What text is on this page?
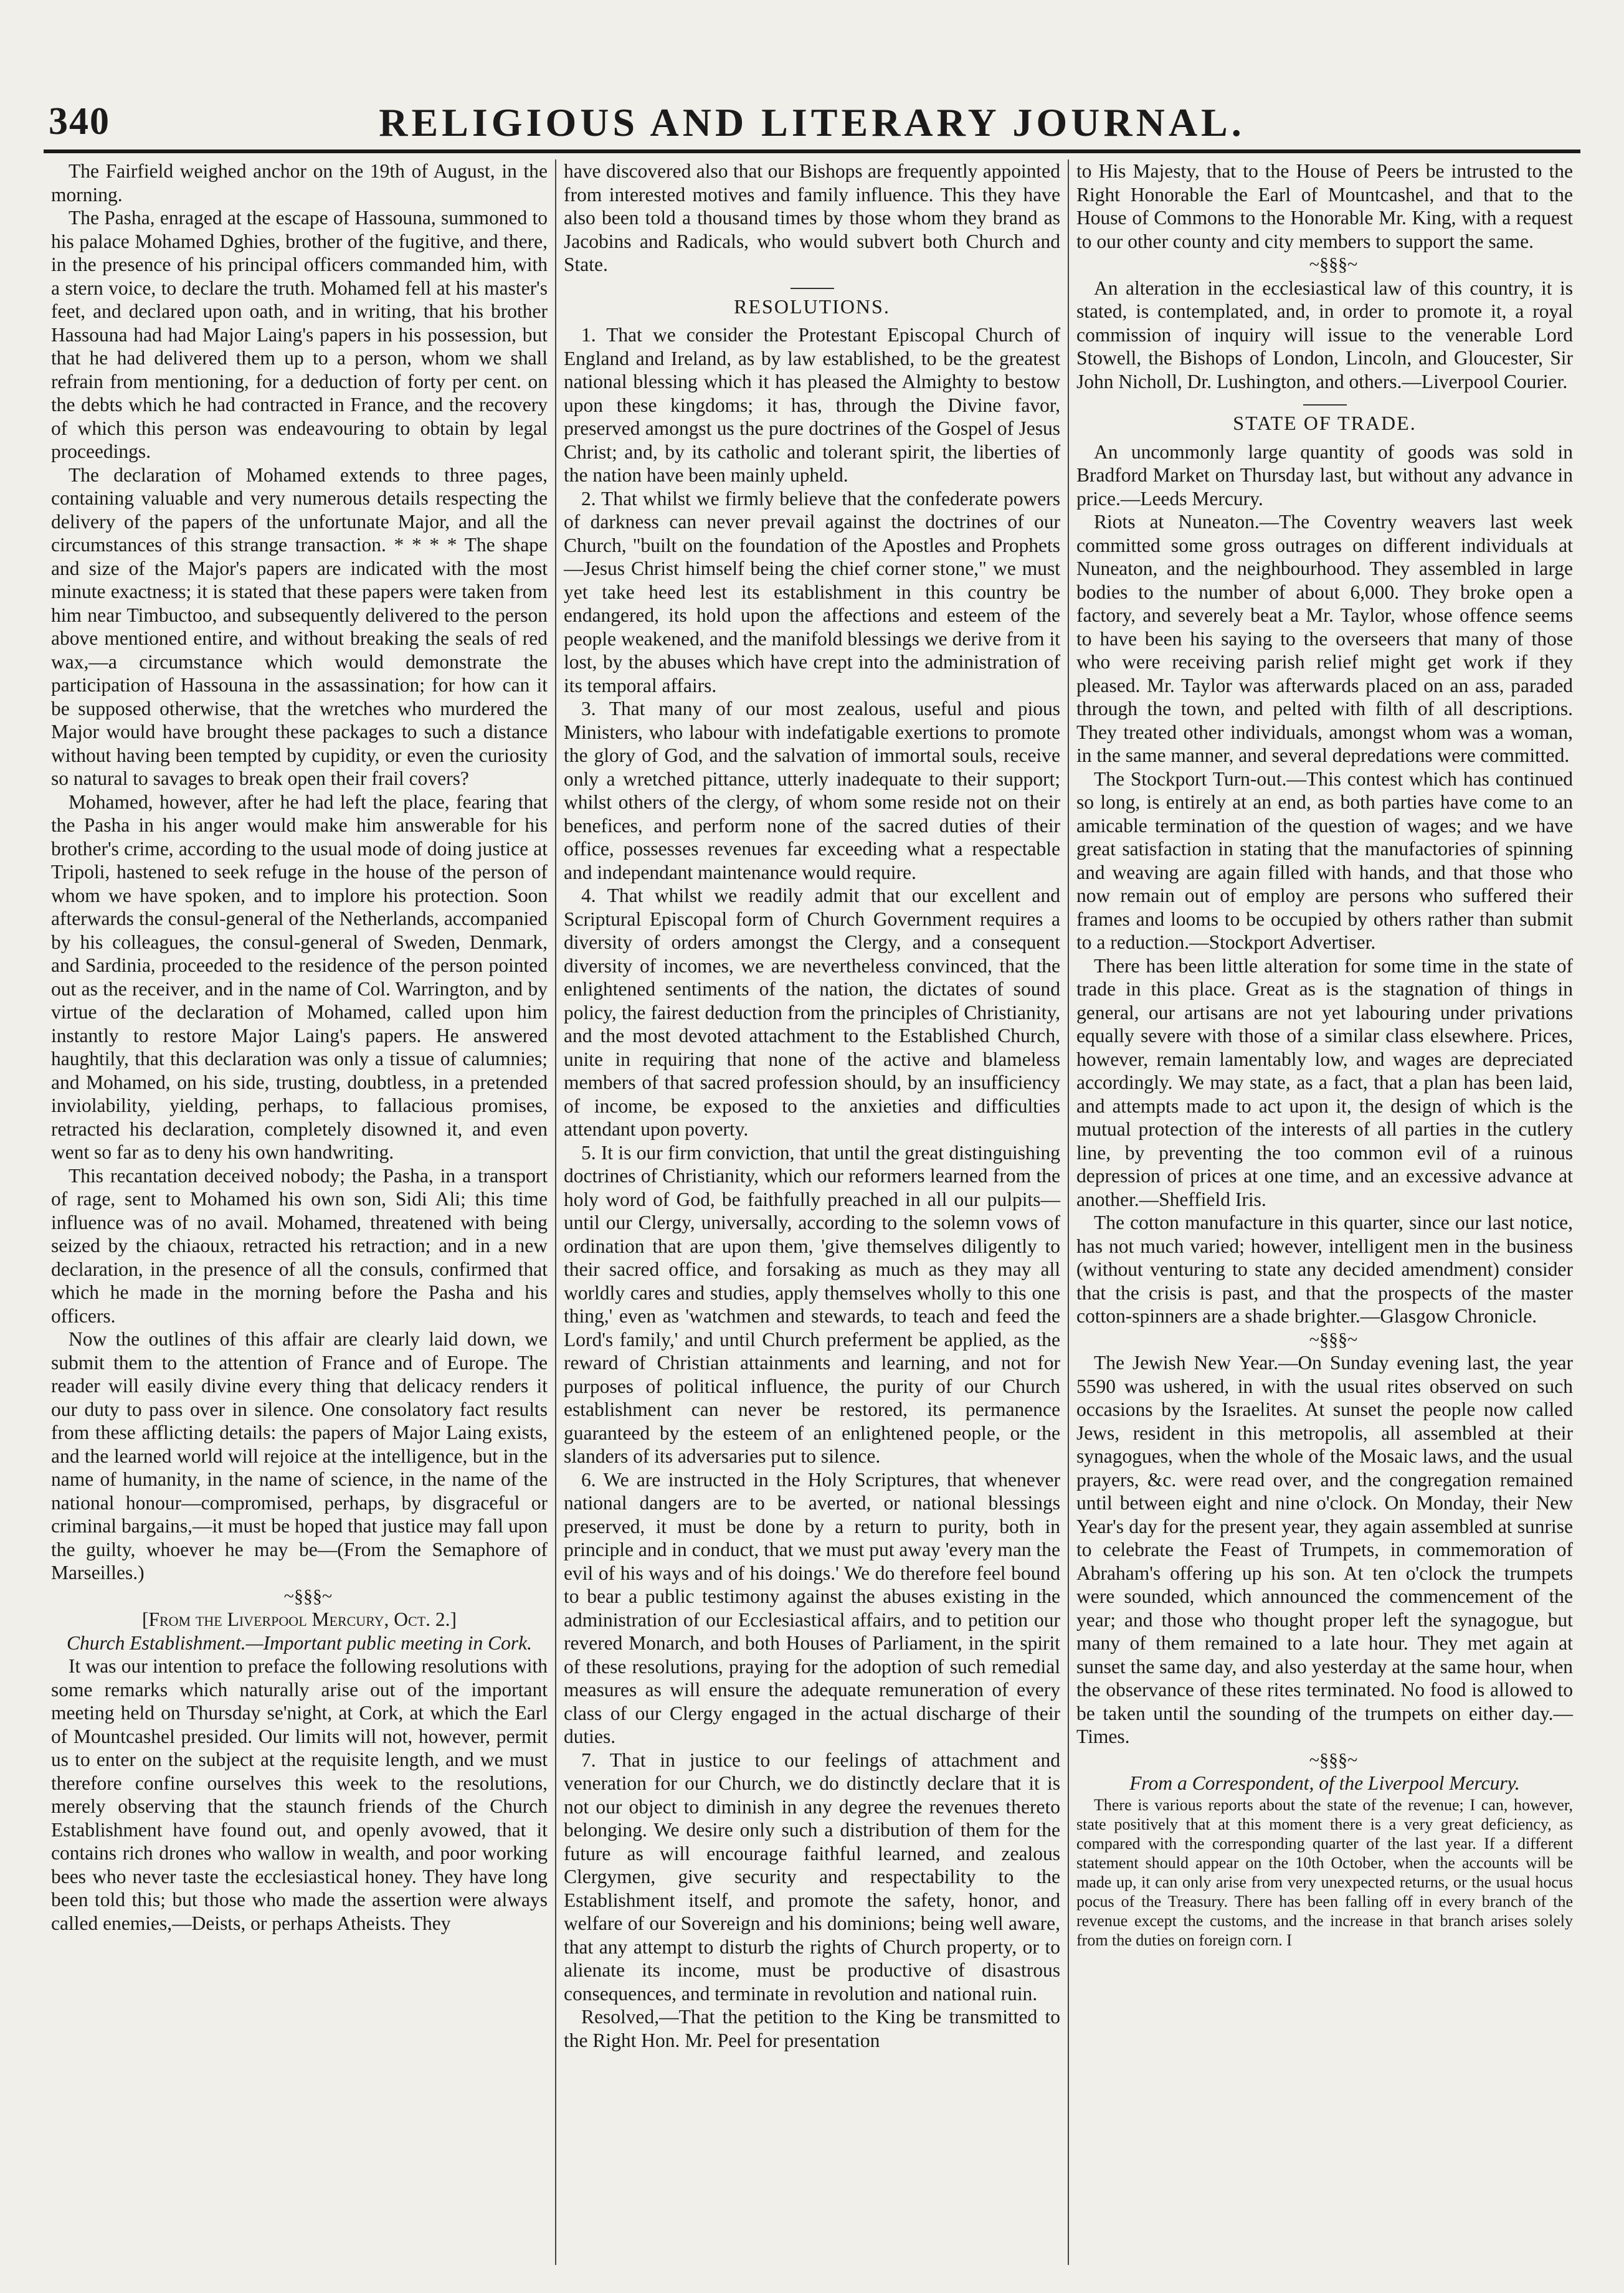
340	RELIGIOUS AND LITERARY JOURNAL.

The Fairfield weighed anchor on the 19th of August, in the morning.

The Pasha, enraged at the escape of Hassouna, summoned to his palace Mohamed Dghies, brother of the fugitive, and there, in the presence of his principal officers commanded him, with a stern voice, to declare the truth. Mohamed fell at his master's feet, and declared upon oath, and in writing, that his brother Hassouna had had Major Laing's papers in his possession, but that he had delivered them up to a person, whom we shall refrain from mentioning, for a deduction of forty per cent. on the debts which he had contracted in France, and the recovery of which this person was endeavouring to obtain by legal proceedings.

The declaration of Mohamed extends to three pages, containing valuable and very numerous details respecting the delivery of the papers of the unfortunate Major, and all the circumstances of this strange transaction. * * * * The shape and size of the Major's papers are indicated with the most minute exactness; it is stated that these papers were taken from him near Timbuctoo, and subsequently delivered to the person above mentioned entire, and without breaking the seals of red wax,—a circumstance which would demonstrate the participation of Hassouna in the assassination; for how can it be supposed otherwise, that the wretches who murdered the Major would have brought these packages to such a distance without having been tempted by cupidity, or even the curiosity so natural to savages to break open their frail covers?

Mohamed, however, after he had left the place, fearing that the Pasha in his anger would make him answerable for his brother's crime, according to the usual mode of doing justice at Tripoli, hastened to seek refuge in the house of the person of whom we have spoken, and to implore his protection. Soon afterwards the consul-general of the Netherlands, accompanied by his colleagues, the consul-general of Sweden, Denmark, and Sardinia, proceeded to the residence of the person pointed out as the receiver, and in the name of Col. Warrington, and by virtue of the declaration of Mohamed, called upon him instantly to restore Major Laing's papers. He answered haughtily, that this declaration was only a tissue of calumnies; and Mohamed, on his side, trusting, doubtless, in a pretended inviolability, yielding, perhaps, to fallacious promises, retracted his declaration, completely disowned it, and even went so far as to deny his own handwriting.

This recantation deceived nobody; the Pasha, in a transport of rage, sent to Mohamed his own son, Sidi Ali; this time influence was of no avail. Mohamed, threatened with being seized by the chiaoux, retracted his retraction; and in a new declaration, in the presence of all the consuls, confirmed that which he made in the morning before the Pasha and his officers.

Now the outlines of this affair are clearly laid down, we submit them to the attention of France and of Europe. The reader will easily divine every thing that delicacy renders it our duty to pass over in silence. One consolatory fact results from these afflicting details: the papers of Major Laing exists, and the learned world will rejoice at the intelligence, but in the name of humanity, in the name of science, in the name of the national honour—compromised, perhaps, by disgraceful or criminal bargains,—it must be hoped that justice may fall upon the guilty, whoever he may be—(From the Semaphore of Marseilles.)

~§§§~

[From the Liverpool Mercury, Oct. 2.]

Church Establishment.—Important public meeting in Cork.

It was our intention to preface the following resolutions with some remarks which naturally arise out of the important meeting held on Thursday se'night, at Cork, at which the Earl of Mountcashel presided. Our limits will not, however, permit us to enter on the subject at the requisite length, and we must therefore confine ourselves this week to the resolutions, merely observing that the staunch friends of the Church Establishment have found out, and openly avowed, that it contains rich drones who wallow in wealth, and poor working bees who never taste the ecclesiastical honey. They have long been told this; but those who made the assertion were always called enemies,—Deists, or perhaps Atheists. They

have discovered also that our Bishops are frequently appointed from interested motives and family influence. This they have also been told a thousand times by those whom they brand as Jacobins and Radicals, who would subvert both Church and State.

RESOLUTIONS.

1. That we consider the Protestant Episcopal Church of England and Ireland, as by law established, to be the greatest national blessing which it has pleased the Almighty to bestow upon these kingdoms; it has, through the Divine favor, preserved amongst us the pure doctrines of the Gospel of Jesus Christ; and, by its catholic and tolerant spirit, the liberties of the nation have been mainly upheld.

2. That whilst we firmly believe that the confederate powers of darkness can never prevail against the doctrines of our Church, "built on the foundation of the Apostles and Prophets—Jesus Christ himself being the chief corner stone," we must yet take heed lest its establishment in this country be endangered, its hold upon the affections and esteem of the people weakened, and the manifold blessings we derive from it lost, by the abuses which have crept into the administration of its temporal affairs.

3. That many of our most zealous, useful and pious Ministers, who labour with indefatigable exertions to promote the glory of God, and the salvation of immortal souls, receive only a wretched pittance, utterly inadequate to their support; whilst others of the clergy, of whom some reside not on their benefices, and perform none of the sacred duties of their office, possesses revenues far exceeding what a respectable and independant maintenance would require.

4. That whilst we readily admit that our excellent and Scriptural Episcopal form of Church Government requires a diversity of orders amongst the Clergy, and a consequent diversity of incomes, we are nevertheless convinced, that the enlightened sentiments of the nation, the dictates of sound policy, the fairest deduction from the principles of Christianity, and the most devoted attachment to the Established Church, unite in requiring that none of the active and blameless members of that sacred profession should, by an insufficiency of income, be exposed to the anxieties and difficulties attendant upon poverty.

5. It is our firm conviction, that until the great distinguishing doctrines of Christianity, which our reformers learned from the holy word of God, be faithfully preached in all our pulpits—until our Clergy, universally, according to the solemn vows of ordination that are upon them, 'give themselves diligently to their sacred office, and forsaking as much as they may all worldly cares and studies, apply themselves wholly to this one thing,' even as 'watchmen and stewards, to teach and feed the Lord's family,' and until Church preferment be applied, as the reward of Christian attainments and learning, and not for purposes of political influence, the purity of our Church establishment can never be restored, its permanence guaranteed by the esteem of an enlightened people, or the slanders of its adversaries put to silence.

6. We are instructed in the Holy Scriptures, that whenever national dangers are to be averted, or national blessings preserved, it must be done by a return to purity, both in principle and in conduct, that we must put away 'every man the evil of his ways and of his doings.' We do therefore feel bound to bear a public testimony against the abuses existing in the administration of our Ecclesiastical affairs, and to petition our revered Monarch, and both Houses of Parliament, in the spirit of these resolutions, praying for the adoption of such remedial measures as will ensure the adequate remuneration of every class of our Clergy engaged in the actual discharge of their duties.

7. That in justice to our feelings of attachment and veneration for our Church, we do distinctly declare that it is not our object to diminish in any degree the revenues thereto belonging. We desire only such a distribution of them for the future as will encourage faithful learned, and zealous Clergymen, give security and respectability to the Establishment itself, and promote the safety, honor, and welfare of our Sovereign and his dominions; being well aware, that any attempt to disturb the rights of Church property, or to alienate its income, must be productive of disastrous consequences, and terminate in revolution and national ruin.

Resolved,—That the petition to the King be transmitted to the Right Hon. Mr. Peel for presentation

to His Majesty, that to the House of Peers be intrusted to the Right Honorable the Earl of Mountcashel, and that to the House of Commons to the Honorable Mr. King, with a request to our other county and city members to support the same.

~§§§~

An alteration in the ecclesiastical law of this country, it is stated, is contemplated, and, in order to promote it, a royal commission of inquiry will issue to the venerable Lord Stowell, the Bishops of London, Lincoln, and Gloucester, Sir John Nicholl, Dr. Lushington, and others.—Liverpool Courier.

STATE OF TRADE.

An uncommonly large quantity of goods was sold in Bradford Market on Thursday last, but without any advance in price.—Leeds Mercury.

Riots at Nuneaton.—The Coventry weavers last week committed some gross outrages on different individuals at Nuneaton, and the neighbourhood. They assembled in large bodies to the number of about 6,000. They broke open a factory, and severely beat a Mr. Taylor, whose offence seems to have been his saying to the overseers that many of those who were receiving parish relief might get work if they pleased. Mr. Taylor was afterwards placed on an ass, paraded through the town, and pelted with filth of all descriptions. They treated other individuals, amongst whom was a woman, in the same manner, and several depredations were committed.

The Stockport Turn-out.—This contest which has continued so long, is entirely at an end, as both parties have come to an amicable termination of the question of wages; and we have great satisfaction in stating that the manufactories of spinning and weaving are again filled with hands, and that those who now remain out of employ are persons who suffered their frames and looms to be occupied by others rather than submit to a reduction.—Stockport Advertiser.

There has been little alteration for some time in the state of trade in this place. Great as is the stagnation of things in general, our artisans are not yet labouring under privations equally severe with those of a similar class elsewhere. Prices, however, remain lamentably low, and wages are depreciated accordingly. We may state, as a fact, that a plan has been laid, and attempts made to act upon it, the design of which is the mutual protection of the interests of all parties in the cutlery line, by preventing the too common evil of a ruinous depression of prices at one time, and an excessive advance at another.—Sheffield Iris.

The cotton manufacture in this quarter, since our last notice, has not much varied; however, intelligent men in the business (without venturing to state any decided amendment) consider that the crisis is past, and that the prospects of the master cotton-spinners are a shade brighter.—Glasgow Chronicle.

~§§§~

The Jewish New Year.—On Sunday evening last, the year 5590 was ushered, in with the usual rites observed on such occasions by the Israelites. At sunset the people now called Jews, resident in this metropolis, all assembled at their synagogues, when the whole of the Mosaic laws, and the usual prayers, &c. were read over, and the congregation remained until between eight and nine o'clock. On Monday, their New Year's day for the present year, they again assembled at sunrise to celebrate the Feast of Trumpets, in commemoration of Abraham's offering up his son. At ten o'clock the trumpets were sounded, which announced the commencement of the year; and those who thought proper left the synagogue, but many of them remained to a late hour. They met again at sunset the same day, and also yesterday at the same hour, when the observance of these rites terminated. No food is allowed to be taken until the sounding of the trumpets on either day.—Times.

~§§§~

From a Correspondent, of the Liverpool Mercury.

There is various reports about the state of the revenue; I can, however, state positively that at this moment there is a very great deficiency, as compared with the corresponding quarter of the last year. If a different statement should appear on the 10th October, when the accounts will be made up, it can only arise from very unexpected returns, or the usual hocus pocus of the Treasury. There has been falling off in every branch of the revenue except the customs, and the increase in that branch arises solely from the duties on foreign corn. I
